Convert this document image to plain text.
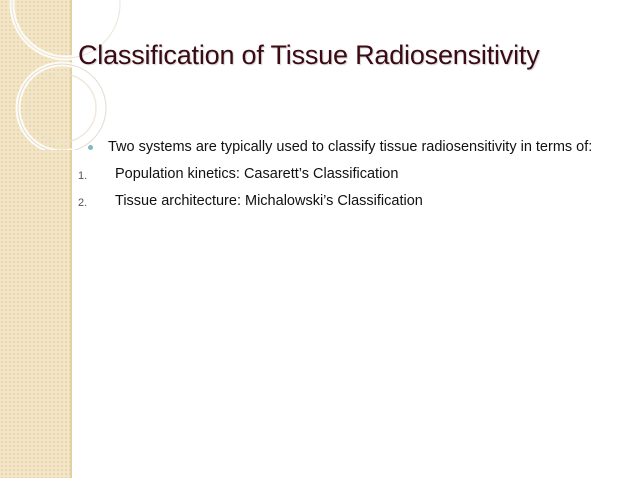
Classification of Tissue Radiosensitivity
Two systems are typically used to classify tissue radiosensitivity in terms of:
1. Population kinetics: Casarett’s Classification
2. Tissue architecture: Michalowski’s Classification
